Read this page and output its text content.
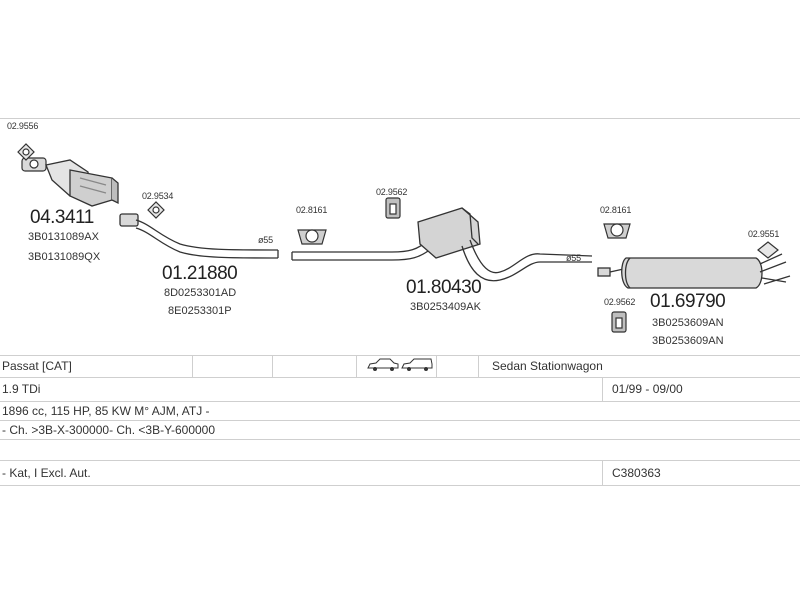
02.9556
04.3411
3B0131089AX
3B0131089QX
02.9534
01.21880
8D0253301AD
8E0253301P
ø55
02.8161
02.9562
01.80430
3B0253409AK
ø55
02.8161
02.9551
02.9562 01.69790
3B0253609AN
3B0253609AN
Passat [CAT]	Sedan Stationwagon
1.9 TDi	01/99 - 09/00
1896 cc, 115 HP, 85 KW M° AJM, ATJ -
- Ch. >3B-X-300000- Ch. <3B-Y-600000
- Kat, I Excl. Aut.	C380363
